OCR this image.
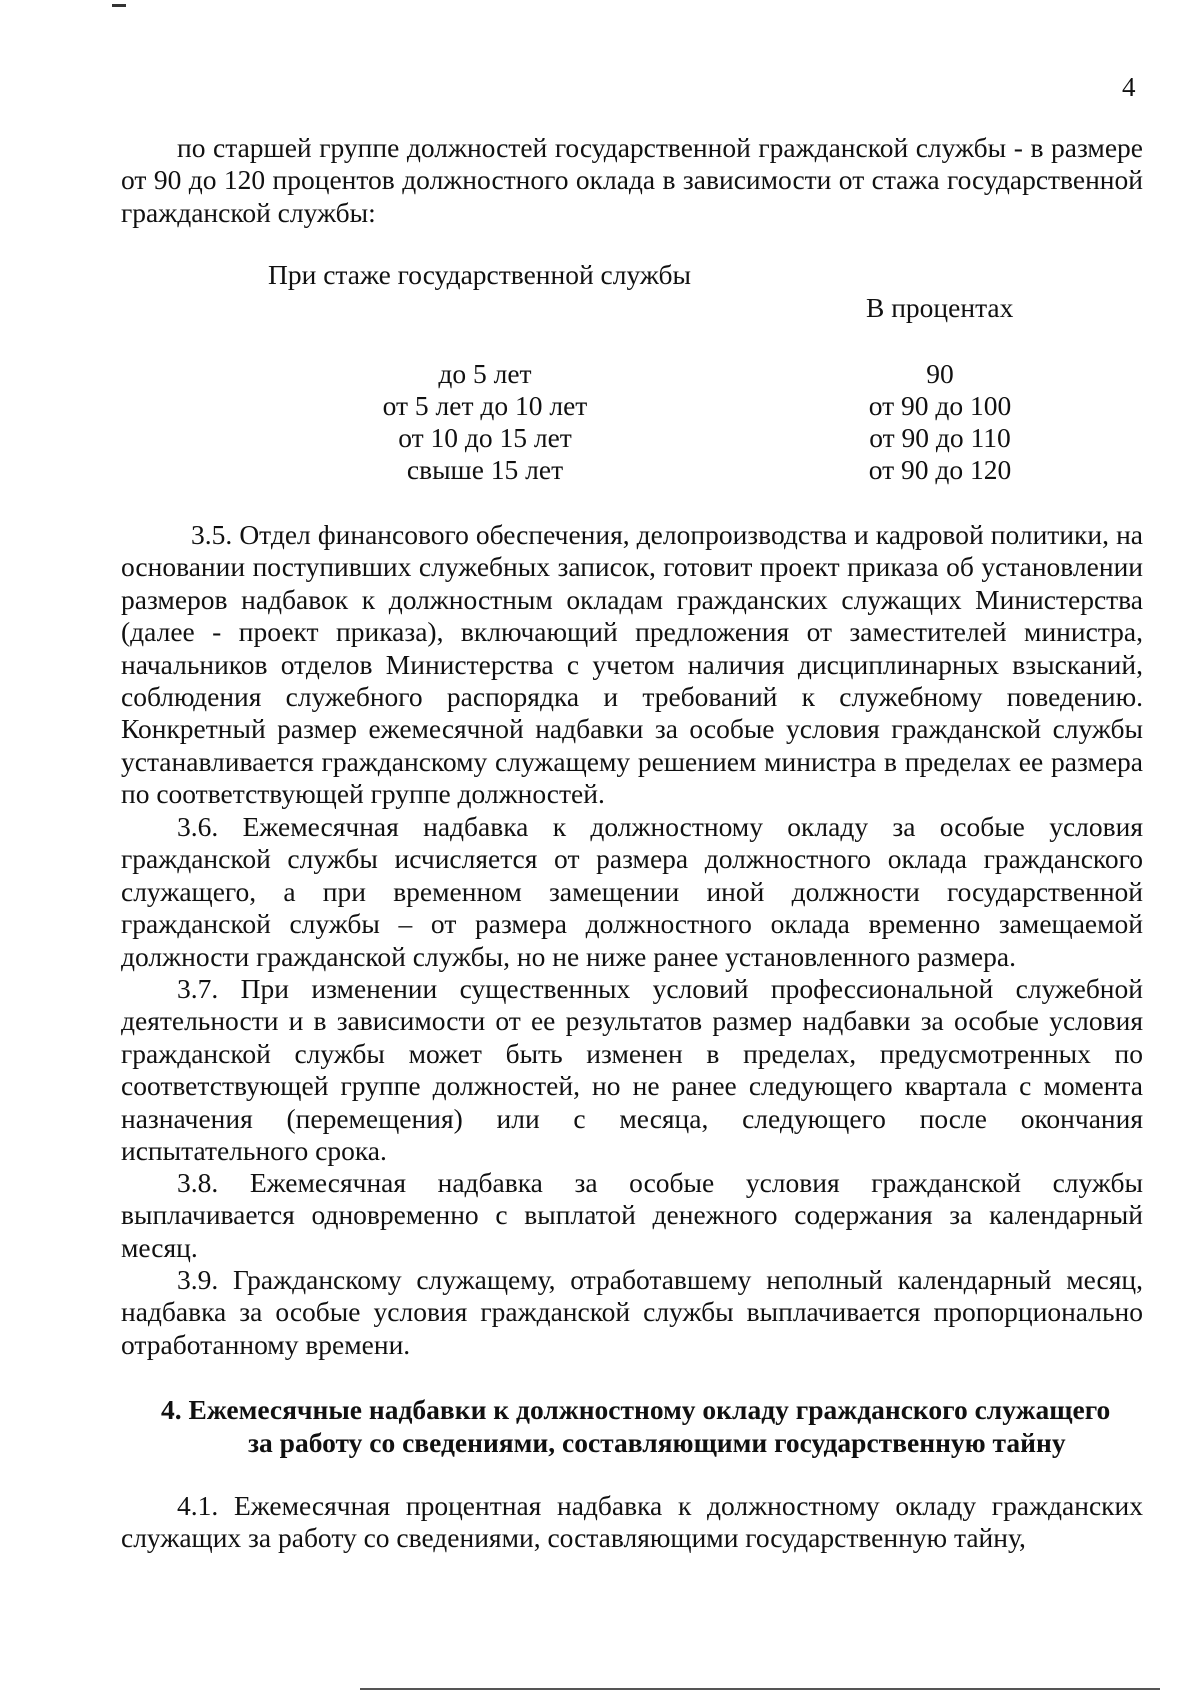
4

по старшей группе должностей государственной гражданской службы - в размере от 90 до 120 процентов должностного оклада в зависимости от стажа государственной гражданской службы:

При стаже государственной службы
В процентах
до 5 лет	90
от 5 лет до 10 лет	от 90 до 100
от 10 до 15 лет	от 90 до 110
свыше 15 лет	от 90 до 120

3.5. Отдел финансового обеспечения, делопроизводства и кадровой политики, на основании поступивших служебных записок, готовит проект приказа об установлении размеров надбавок к должностным окладам гражданских служащих Министерства (далее - проект приказа), включающий предложения от заместителей министра, начальников отделов Министерства с учетом наличия дисциплинарных взысканий, соблюдения служебного распорядка и требований к служебному поведению. Конкретный размер ежемесячной надбавки за особые условия гражданской службы устанавливается гражданскому служащему решением министра в пределах ее размера по соответствующей группе должностей.

3.6. Ежемесячная надбавка к должностному окладу за особые условия гражданской службы исчисляется от размера должностного оклада гражданского служащего, а при временном замещении иной должности государственной гражданской службы – от размера должностного оклада временно замещаемой должности гражданской службы, но не ниже ранее установленного размера.

3.7. При изменении существенных условий профессиональной служебной деятельности и в зависимости от ее результатов размер надбавки за особые условия гражданской службы может быть изменен в пределах, предусмотренных по соответствующей группе должностей, но не ранее следующего квартала с момента назначения (перемещения) или с месяца, следующего после окончания испытательного срока.

3.8. Ежемесячная надбавка за особые условия гражданской службы выплачивается одновременно с выплатой денежного содержания за календарный месяц.

3.9. Гражданскому служащему, отработавшему неполный календарный месяц, надбавка за особые условия гражданской службы выплачивается пропорционально отработанному времени.

4. Ежемесячные надбавки к должностному окладу гражданского служащего
за работу со сведениями, составляющими государственную тайну

4.1. Ежемесячная процентная надбавка к должностному окладу гражданских служащих за работу со сведениями, составляющими государственную тайну,
